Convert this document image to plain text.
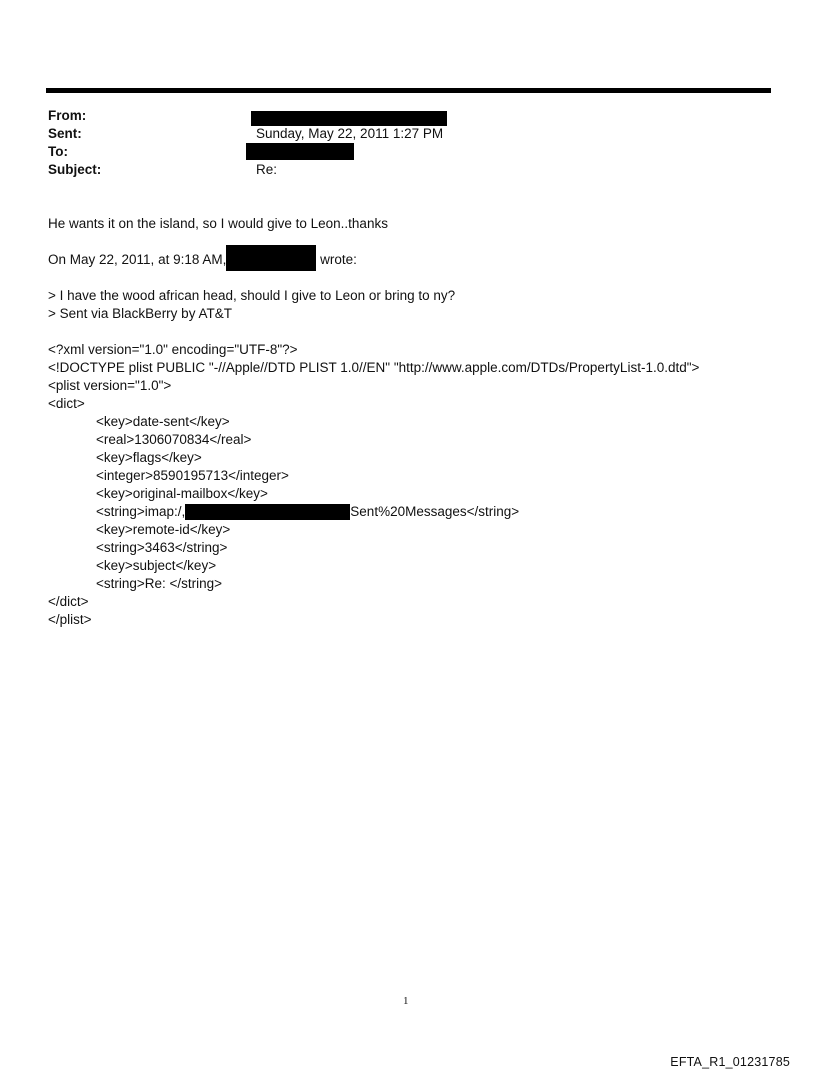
From:
Sent:	Sunday, May 22, 2011 1:27 PM
To:
Subject:	Re:
He wants it on the island, so I would give to Leon..thanks
On May 22, 2011, at 9:18 AM,	wrote:
> I have the wood african head, should I give to Leon or bring to ny?
> Sent via BlackBerry by AT&T
<?xml version="1.0" encoding="UTF-8"?>
<!DOCTYPE plist PUBLIC "-//Apple//DTD PLIST 1.0//EN" "http://www.apple.com/DTDs/PropertyList-1.0.dtd">
<plist version="1.0">
<dict>
<key>date-sent</key>
<real>1306070834</real>
<key>flags</key>
<integer>8590195713</integer>
<key>original-mailbox</key>
<string>imap:/,	Sent%20Messages</string>
<key>remote-id</key>
<string>3463</string>
<key>subject</key>
<string>Re: </string>
</dict>
</plist>
1
EFTA_R1_01231785
